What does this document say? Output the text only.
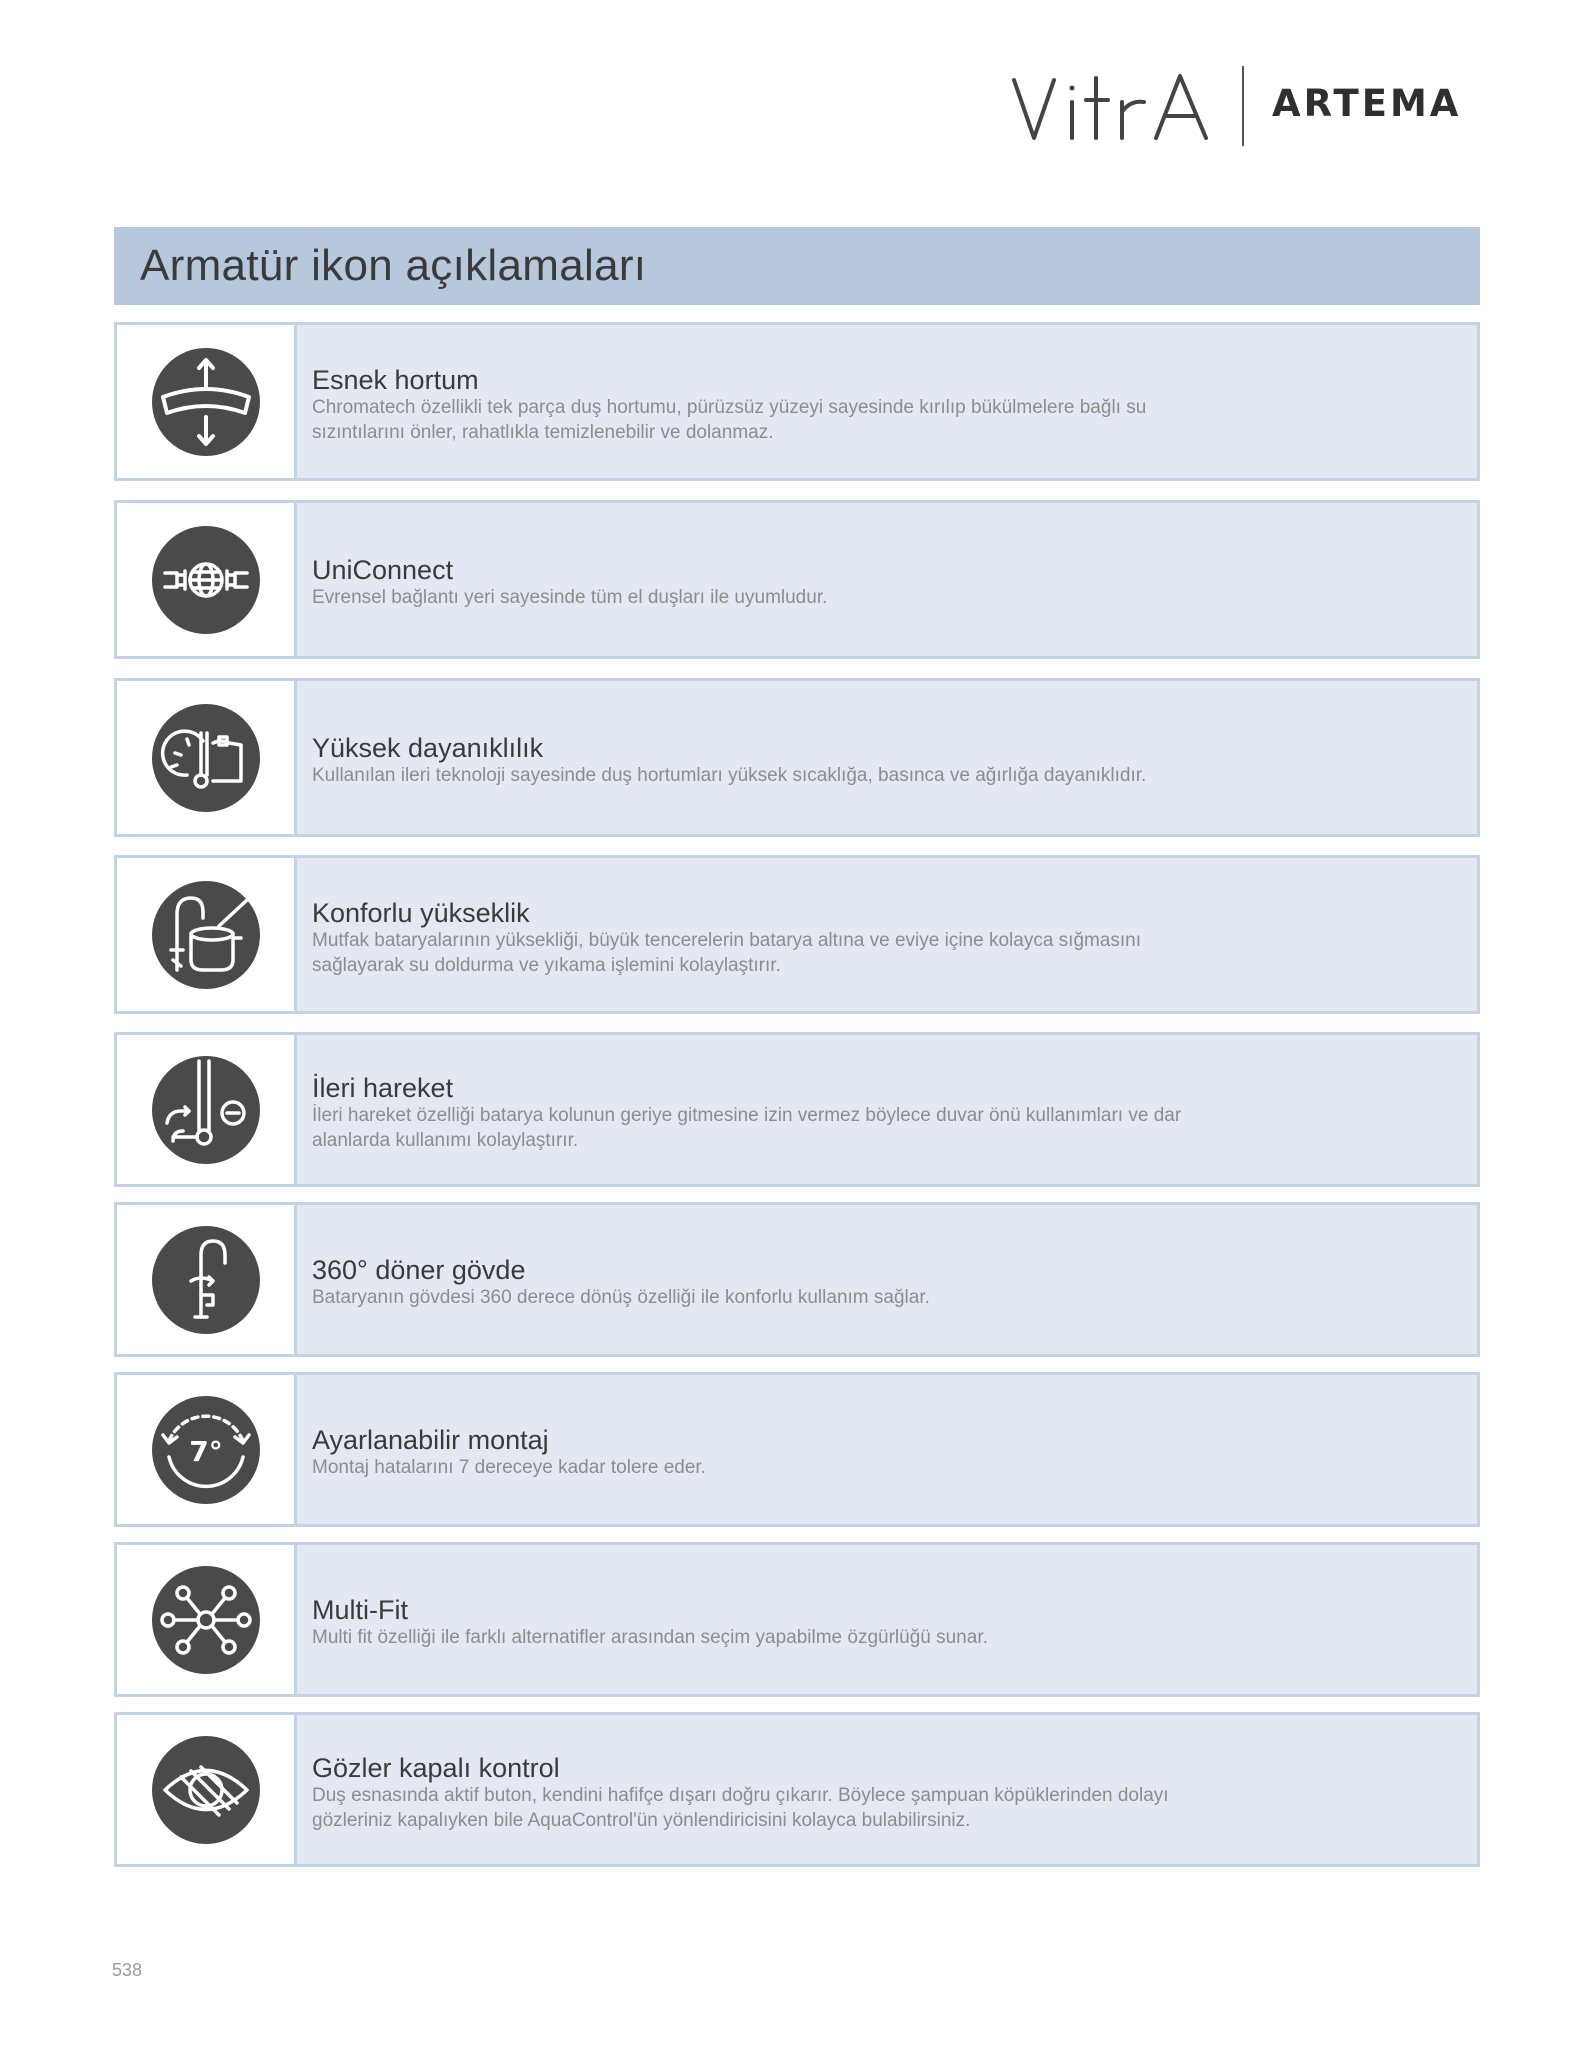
ARTEMA
Armatür ikon açıklamaları
Esnek hortum
Chromatech özellikli tek parça duş hortumu, pürüzsüz yüzeyi sayesinde kırılıp bükülmelere bağlı su
sızıntılarını önler, rahatlıkla temizlenebilir ve dolanmaz.
UniConnect
Evrensel bağlantı yeri sayesinde tüm el duşları ile uyumludur.
Yüksek dayanıklılık
Kullanılan ileri teknoloji sayesinde duş hortumları yüksek sıcaklığa, basınca ve ağırlığa dayanıklıdır.
Konforlu yükseklik
Mutfak bataryalarının yüksekliği, büyük tencerelerin batarya altına ve eviye içine kolayca sığmasını
sağlayarak su doldurma ve yıkama işlemini kolaylaştırır.
İleri hareket
İleri hareket özelliği batarya kolunun geriye gitmesine izin vermez böylece duvar önü kullanımları ve dar
alanlarda kullanımı kolaylaştırır.
360° döner gövde
Bataryanın gövdesi 360 derece dönüş özelliği ile konforlu kullanım sağlar.
7°	Ayarlanabilir montaj
Montaj hatalarını 7 dereceye kadar tolere eder.
Multi-Fit
Multi fit özelliği ile farklı alternatifler arasından seçim yapabilme özgürlüğü sunar.
Gözler kapalı kontrol
Duş esnasında aktif buton, kendini hafifçe dışarı doğru çıkarır. Böylece şampuan köpüklerinden dolayı
gözleriniz kapalıyken bile AquaControl'ün yönlendiricisini kolayca bulabilirsiniz.
538
